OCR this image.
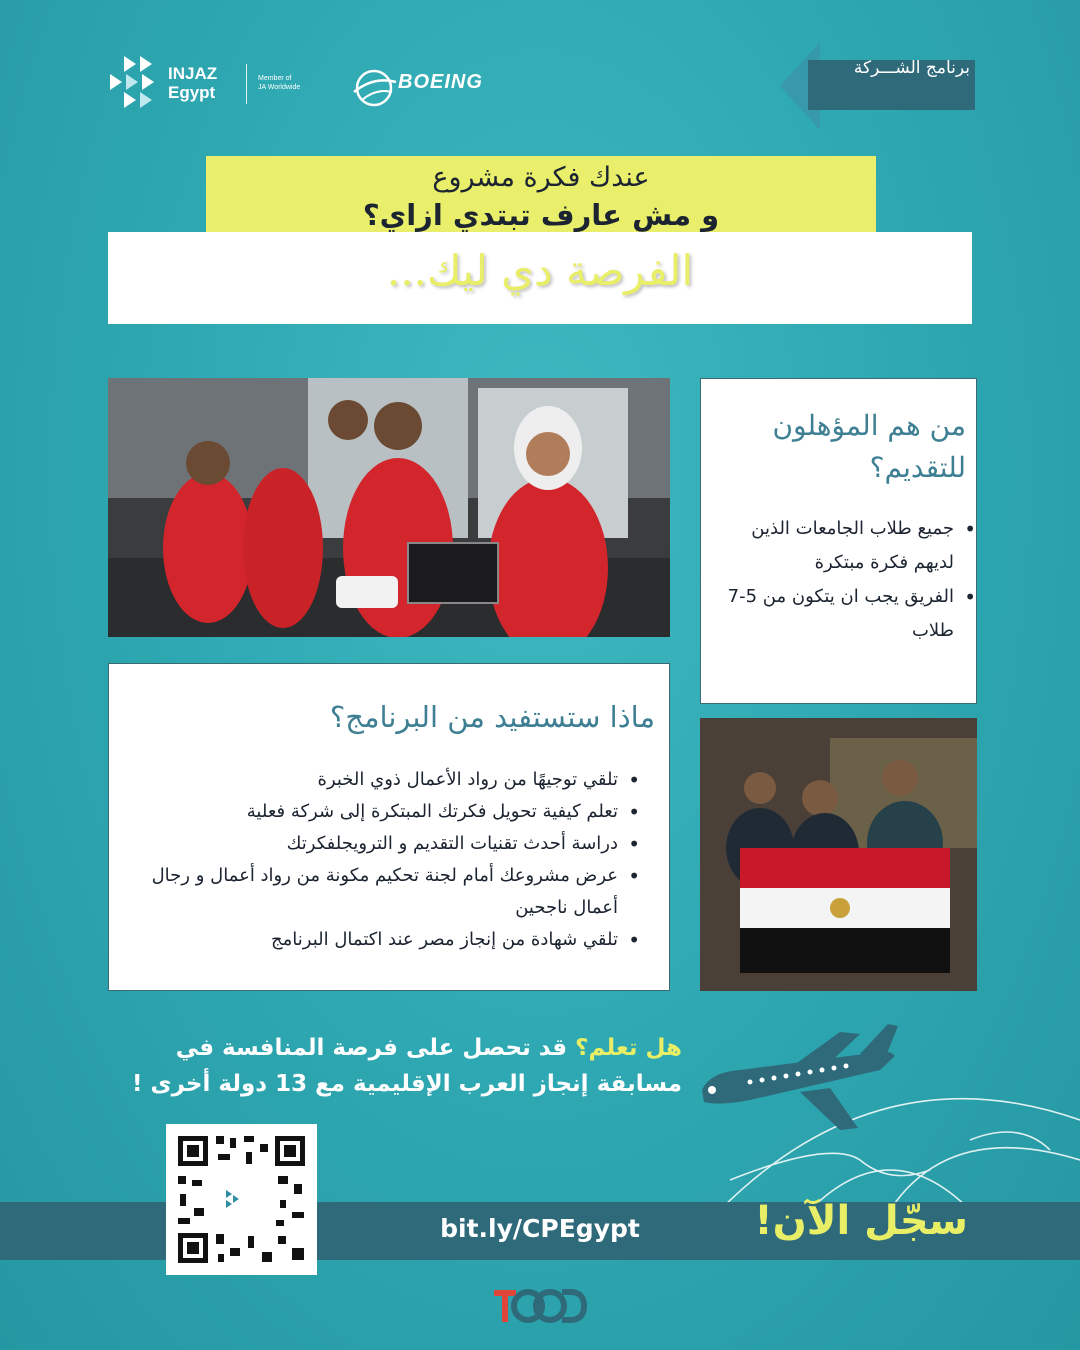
INJAZ
Egypt
Member of
JA Worldwide	BOEING
برنامج الشـــركة
عندك فكرة مشروع
و مش عارف تبتدي ازاي؟
الفرصة دي ليك...
من هم المؤهلون
للتقديم؟
• جميع طلاب الجامعات الذين لديهم فكرة مبتكرة
• الفريق يجب ان يتكون من 5-7 طلاب
ماذا ستستفيد من البرنامج؟
• تلقي توجيهًا من رواد الأعمال ذوي الخبرة
• تعلم كيفية تحويل فكرتك المبتكرة إلى شركة فعلية
• دراسة أحدث تقنيات التقديم و الترويجلفكرتك
• عرض مشروعك أمام لجنة تحكيم مكونة من رواد أعمال و رجال أعمال ناجحين
• تلقي شهادة من إنجاز مصر عند اكتمال البرنامج
هل تعلم؟ قد تحصل على فرصة المنافسة في
مسابقة إنجاز العرب الإقليمية مع 13 دولة أخرى !
bit.ly/CPEgypt	سجّل الآن!
